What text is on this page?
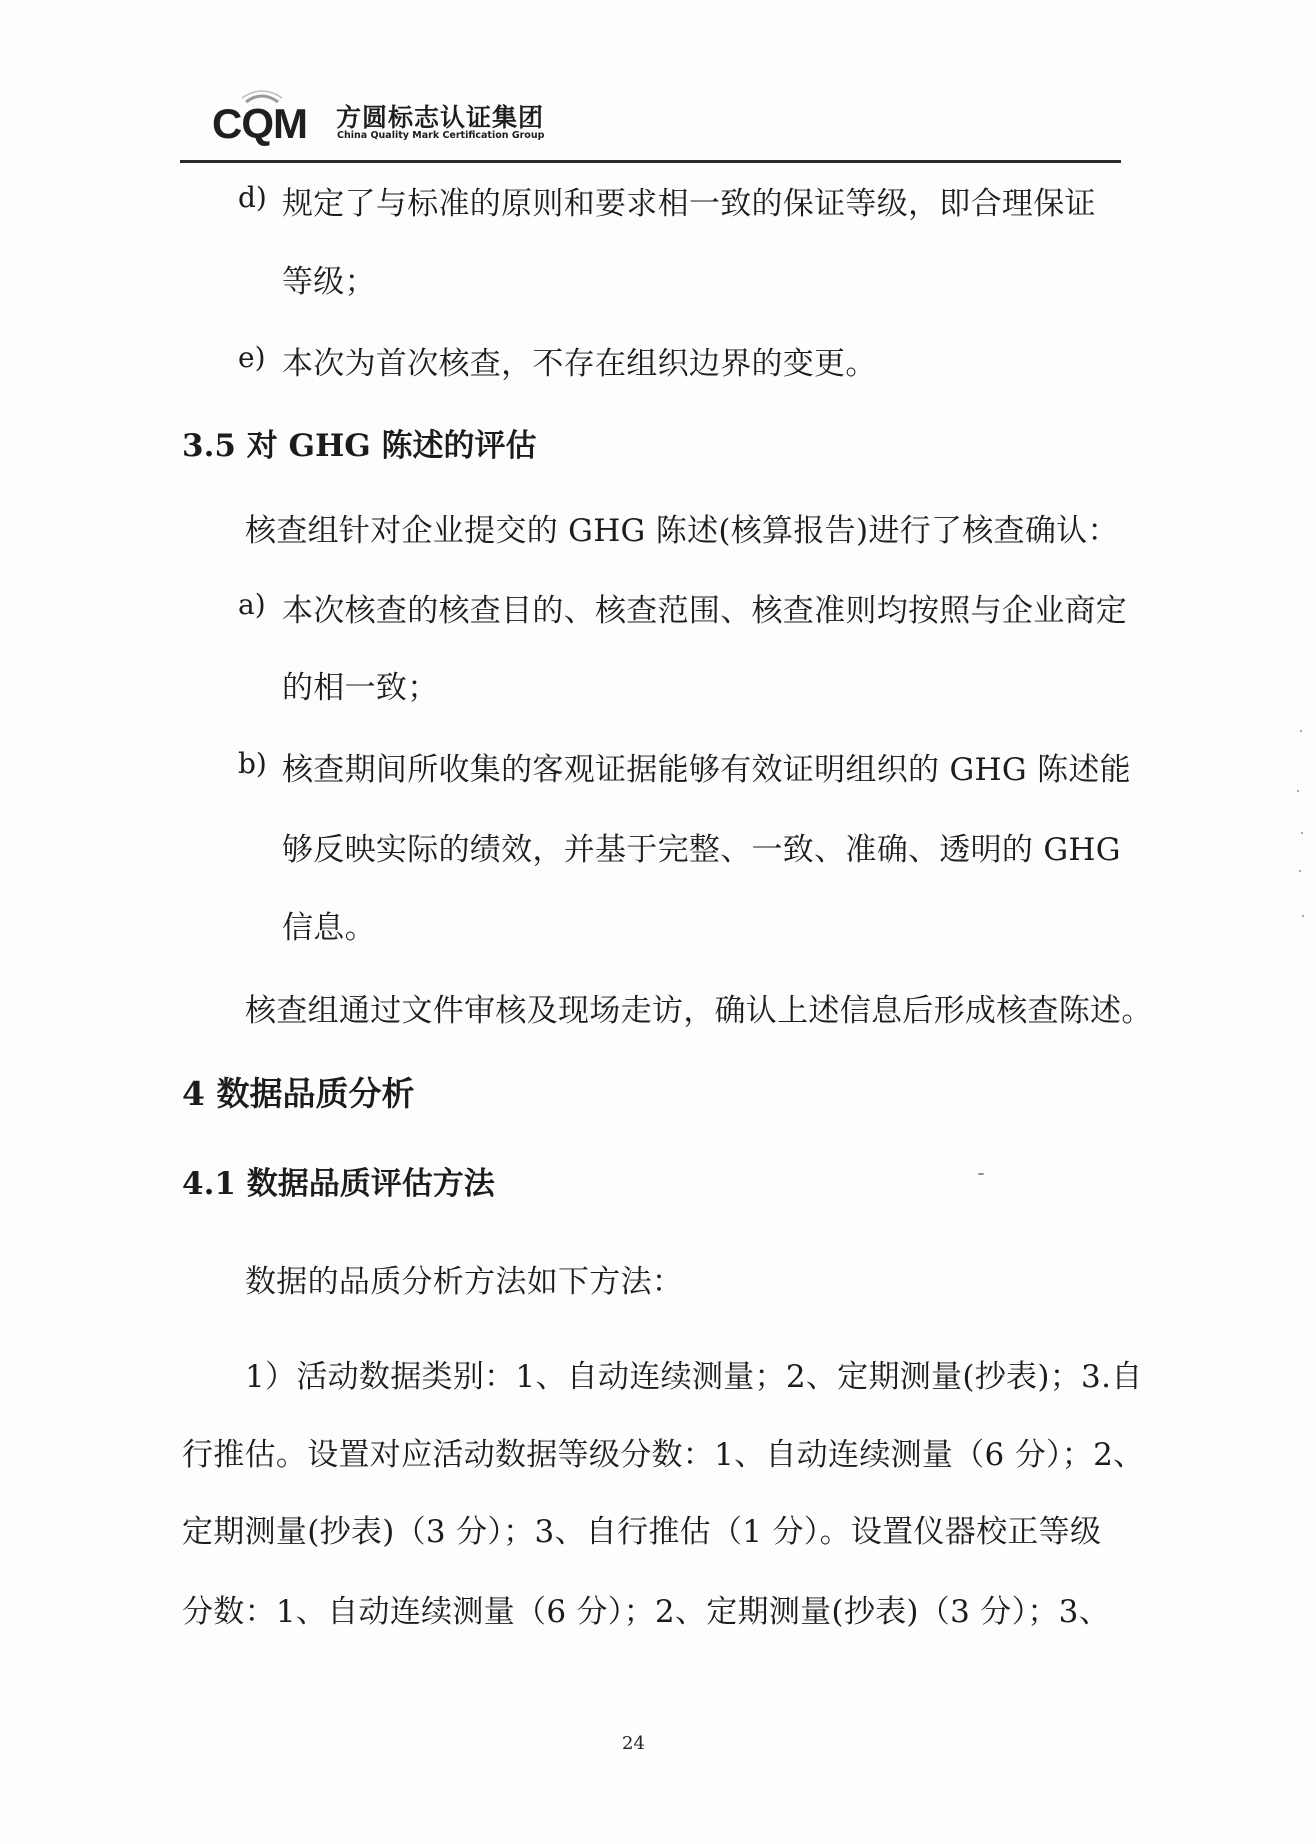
CQM 方圆标志认证集团
China Quality Mark Certification Group
d) 规定了与标准的原则和要求相一致的保证等级，即合理保证
等级；
e) 本次为首次核查，不存在组织边界的变更。
3.5 对 GHG 陈述的评估
核查组针对企业提交的 GHG 陈述(核算报告)进行了核查确认：
a) 本次核查的核查目的、核查范围、核查准则均按照与企业商定
的相一致；
b) 核查期间所收集的客观证据能够有效证明组织的 GHG 陈述能
够反映实际的绩效，并基于完整、一致、准确、透明的 GHG
信息。
核查组通过文件审核及现场走访，确认上述信息后形成核查陈述。
4 数据品质分析
4.1 数据品质评估方法
数据的品质分析方法如下方法：
1）活动数据类别：1、自动连续测量；2、定期测量(抄表)；3.自
行推估。设置对应活动数据等级分数：1、自动连续测量（6 分）；2、
定期测量(抄表)（3 分）；3、自行推估（1 分）。设置仪器校正等级
分数：1、自动连续测量（6 分）；2、定期测量(抄表)（3 分）；3、
24
